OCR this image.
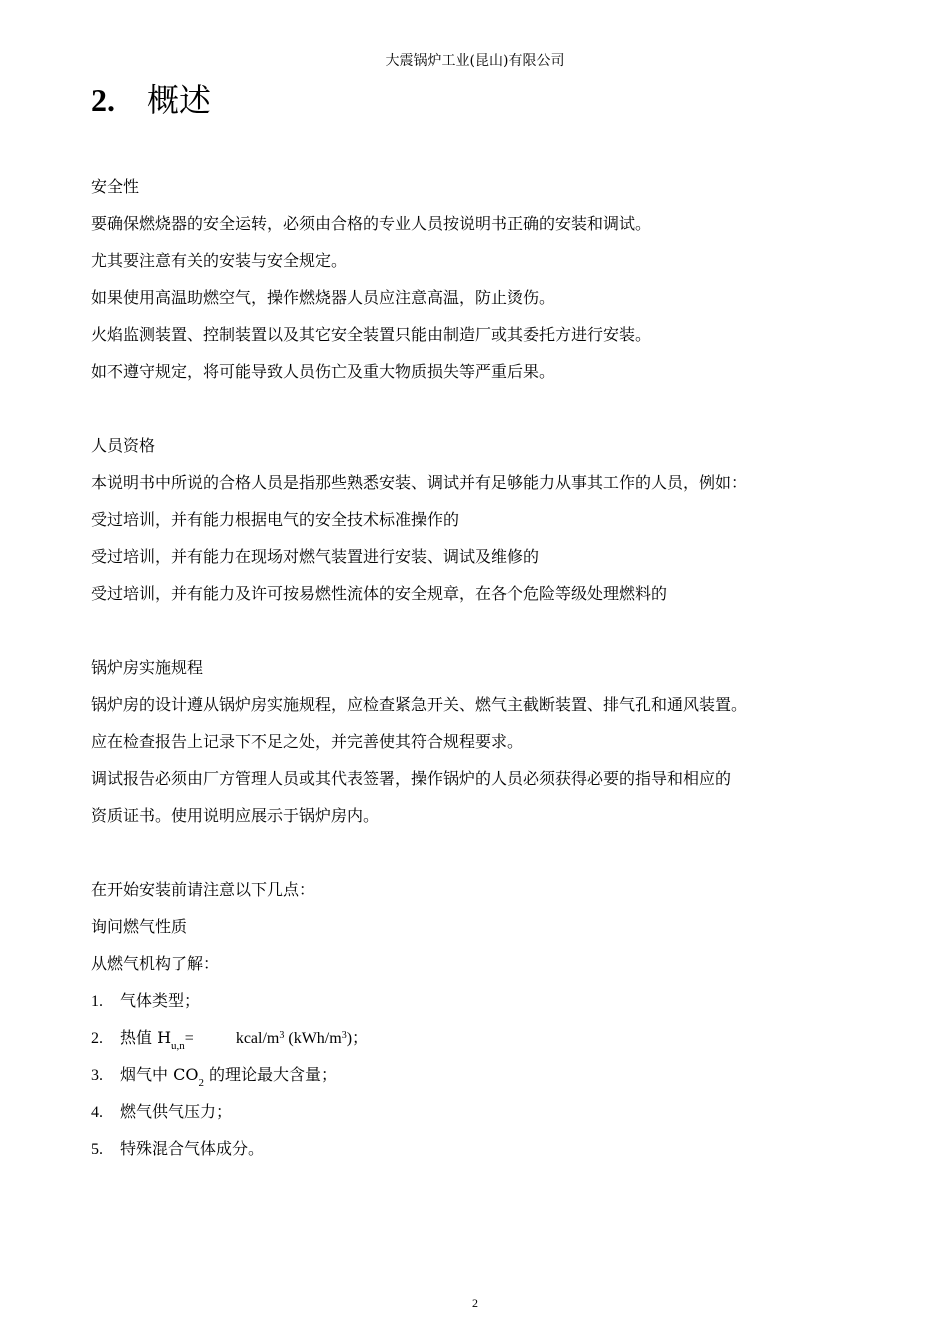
大震锅炉工业(昆山)有限公司
2. 概述
安全性
要确保燃烧器的安全运转，必须由合格的专业人员按说明书正确的安装和调试。
尤其要注意有关的安装与安全规定。
如果使用高温助燃空气，操作燃烧器人员应注意高温，防止烫伤。
火焰监测装置、控制装置以及其它安全装置只能由制造厂或其委托方进行安装。
如不遵守规定，将可能导致人员伤亡及重大物质损失等严重后果。
人员资格
本说明书中所说的合格人员是指那些熟悉安装、调试并有足够能力从事其工作的人员，例如：
受过培训，并有能力根据电气的安全技术标准操作的
受过培训，并有能力在现场对燃气装置进行安装、调试及维修的
受过培训，并有能力及许可按易燃性流体的安全规章，在各个危险等级处理燃料的
锅炉房实施规程
锅炉房的设计遵从锅炉房实施规程，应检查紧急开关、燃气主截断装置、排气孔和通风装置。
应在检查报告上记录下不足之处，并完善使其符合规程要求。
调试报告必须由厂方管理人员或其代表签署，操作锅炉的人员必须获得必要的指导和相应的
资质证书。使用说明应展示于锅炉房内。
在开始安装前请注意以下几点：
询问燃气性质
从燃气机构了解：
1. 气体类型；
2. 热值 $H_{u,n}=$	kcal/$m^3$ $(kWh/m^3)$；
3. 烟气中 $CO_2$ 的理论最大含量；
4. 燃气供气压力；
5. 特殊混合气体成分。
2
